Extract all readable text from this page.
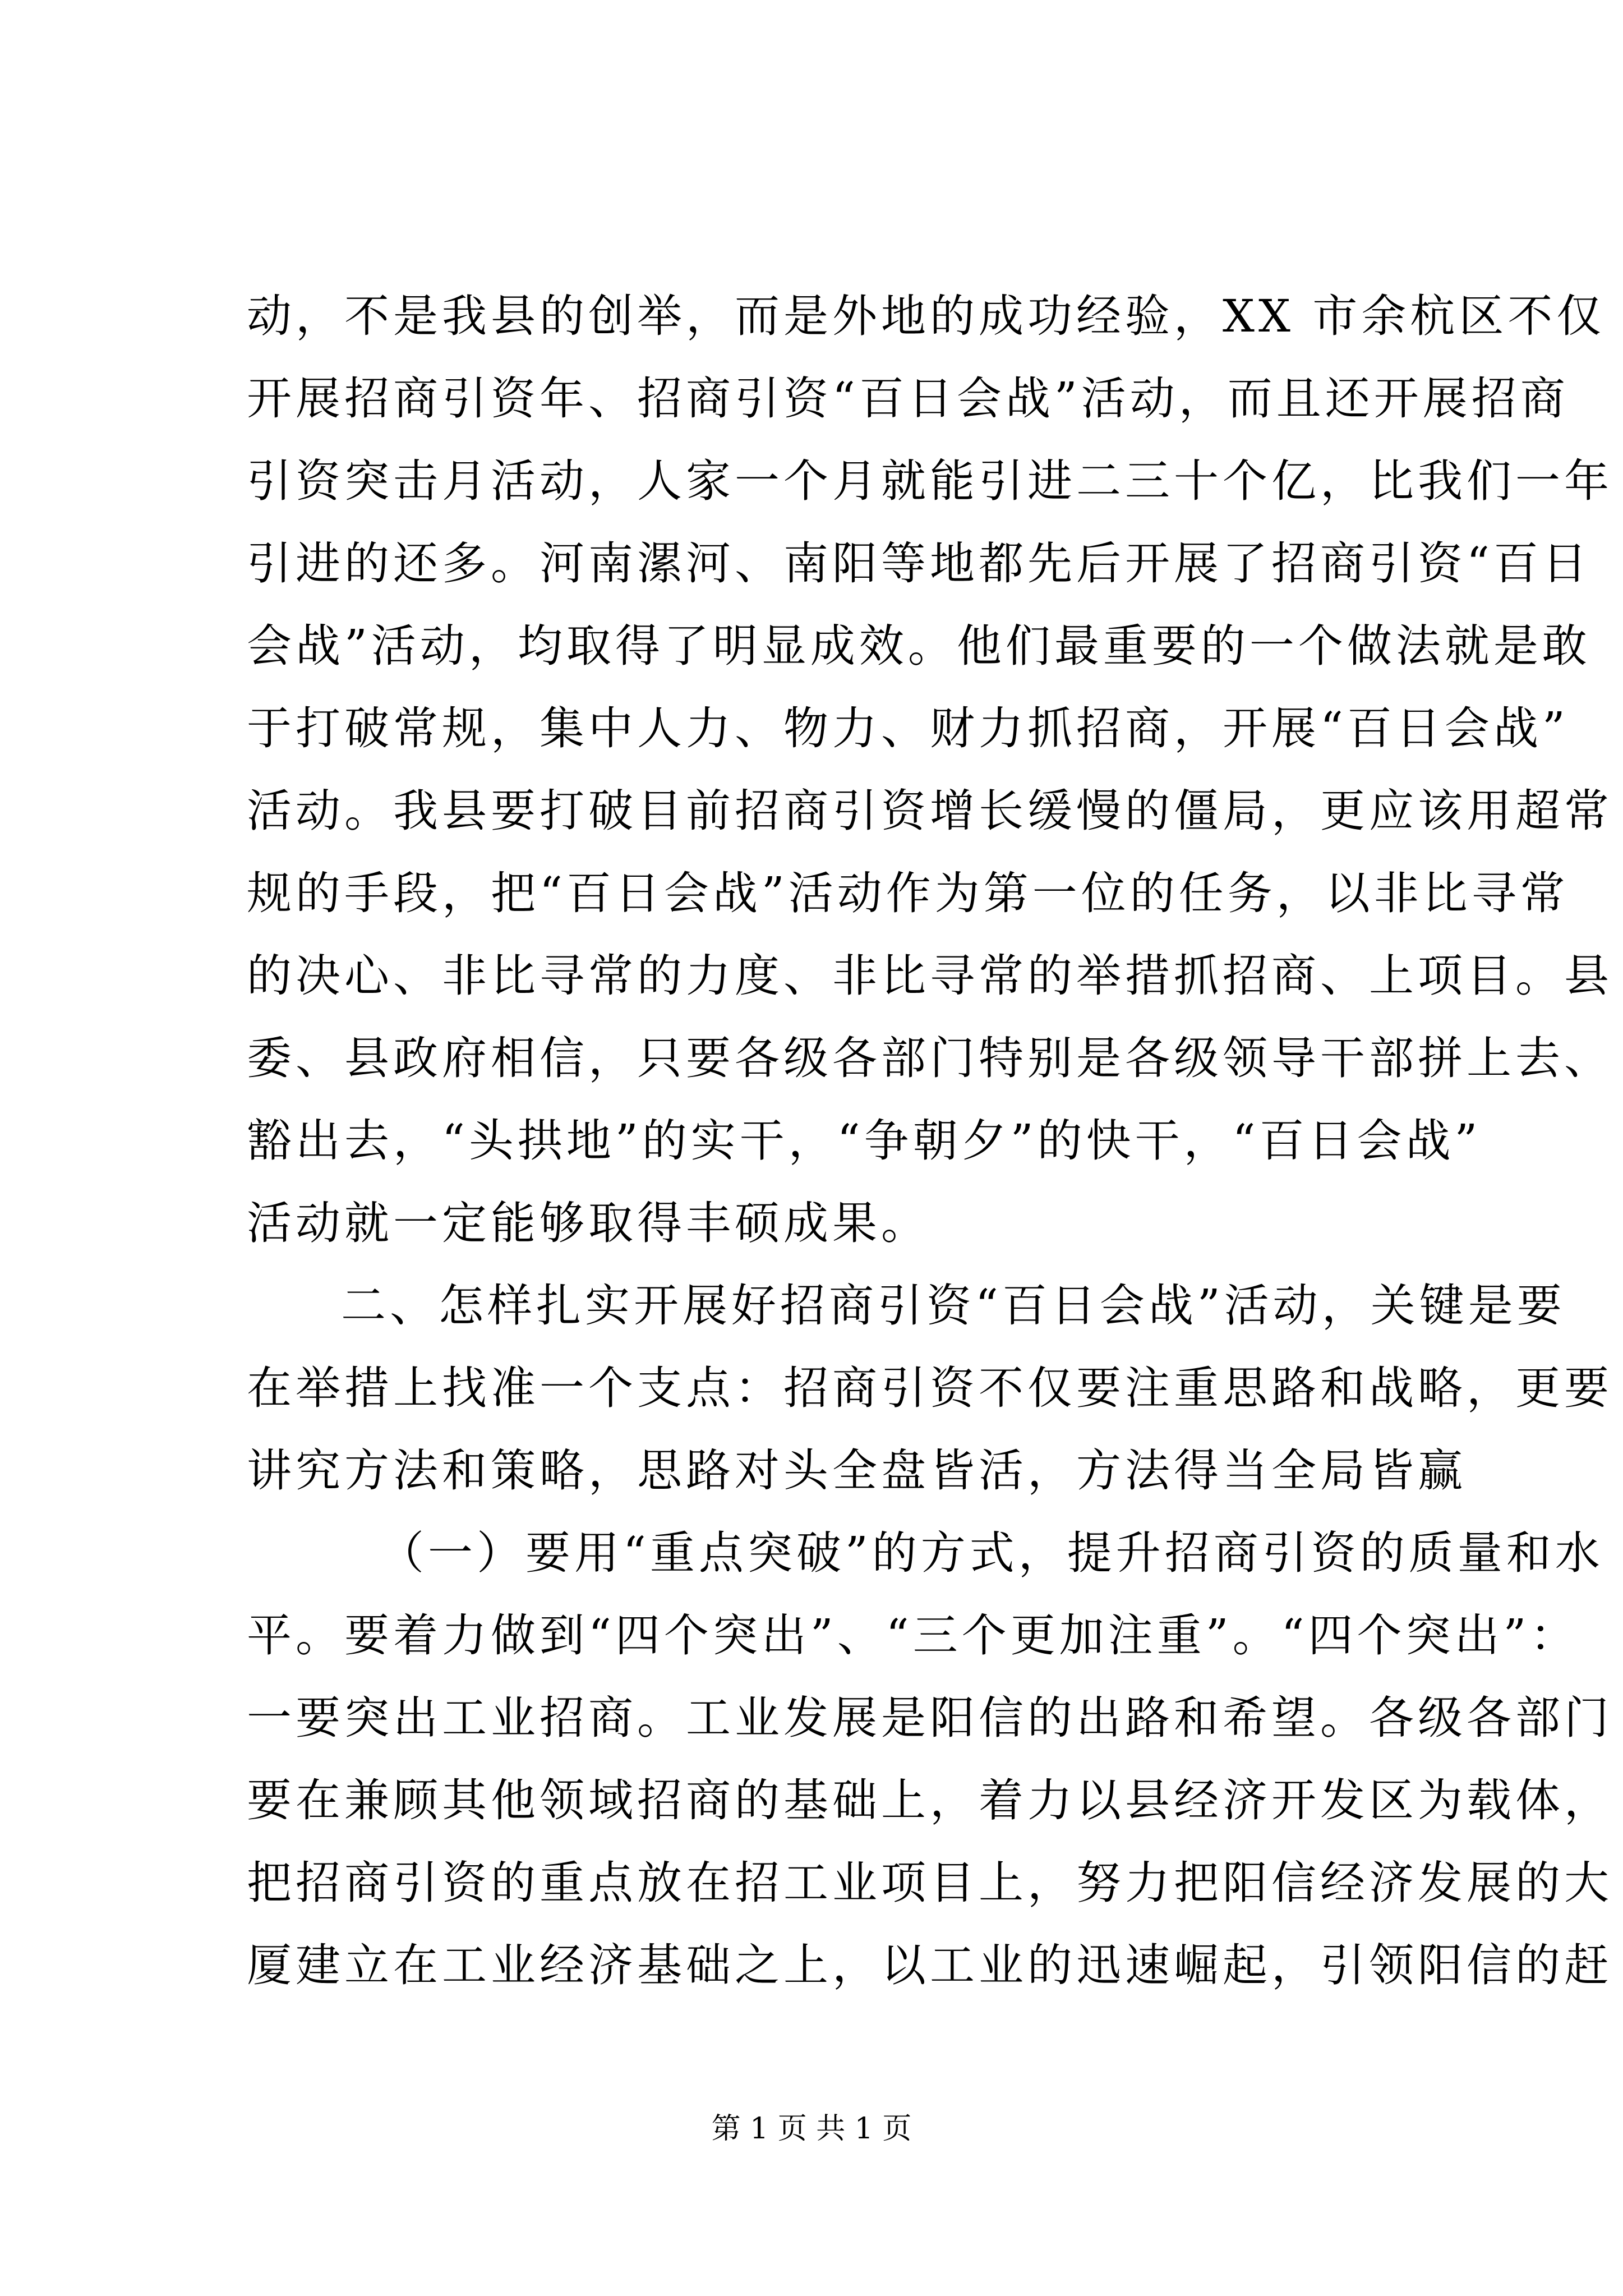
动，不是我县的创举，而是外地的成功经验，XX 市余杭区不仅
开展招商引资年、招商引资“百日会战”活动，而且还开展招商
引资突击月活动，人家一个月就能引进二三十个亿，比我们一年
引进的还多。河南漯河、南阳等地都先后开展了招商引资“百日
会战”活动，均取得了明显成效。他们最重要的一个做法就是敢
于打破常规，集中人力、物力、财力抓招商，开展“百日会战”
活动。我县要打破目前招商引资增长缓慢的僵局，更应该用超常
规的手段，把“百日会战”活动作为第一位的任务，以非比寻常
的决心、非比寻常的力度、非比寻常的举措抓招商、上项目。县
委、县政府相信，只要各级各部门特别是各级领导干部拼上去、
豁出去，“头拱地”的实干，“争朝夕”的快干，“百日会战”
活动就一定能够取得丰硕成果。
二、怎样扎实开展好招商引资“百日会战”活动，关键是要
在举措上找准一个支点：招商引资不仅要注重思路和战略，更要
讲究方法和策略，思路对头全盘皆活，方法得当全局皆赢
（一）要用“重点突破”的方式，提升招商引资的质量和水
平。要着力做到“四个突出”、“三个更加注重”。“四个突出”：
一要突出工业招商。工业发展是阳信的出路和希望。各级各部门
要在兼顾其他领域招商的基础上，着力以县经济开发区为载体，
把招商引资的重点放在招工业项目上，努力把阳信经济发展的大
厦建立在工业经济基础之上，以工业的迅速崛起，引领阳信的赶
第 1 页 共 1 页
